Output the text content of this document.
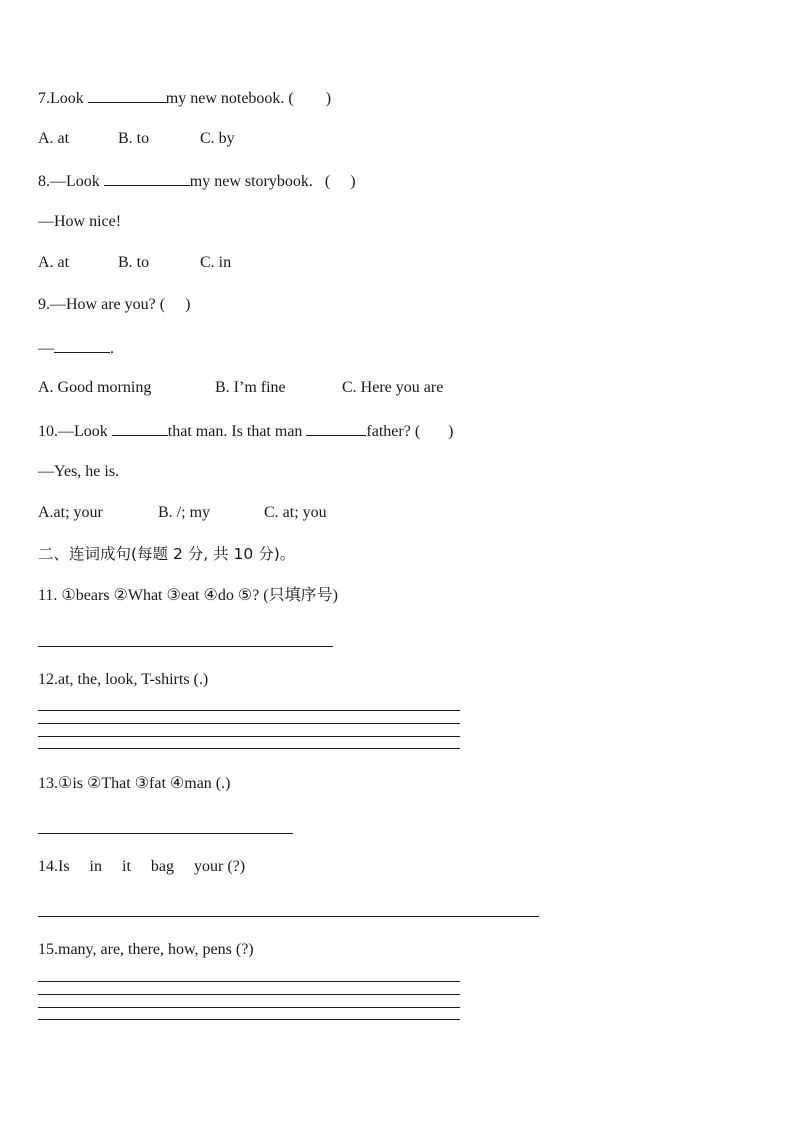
7.Look	my new notebook. (        )
A. at	B. to	C. by
8.—Look	my new storybook.   (     )
—How nice!
A. at	B. to	C. in
9.—How are you? (     )
—	.
A. Good morning	B. I’m fine	C. Here you are
10.—Look	that man. Is that man	father? (       )
—Yes, he is.
A.at; your	B. /; my	C. at; you
二、连词成句(每题 2 分, 共 10 分)。
11. ①bears ②What ③eat ④do ⑤? (只填序号)
12.at, the, look, T-shirts (.)
13.①is ②That ③fat ④man (.)
14.Is     in     it     bag     your (?)
15.many, are, there, how, pens (?)
